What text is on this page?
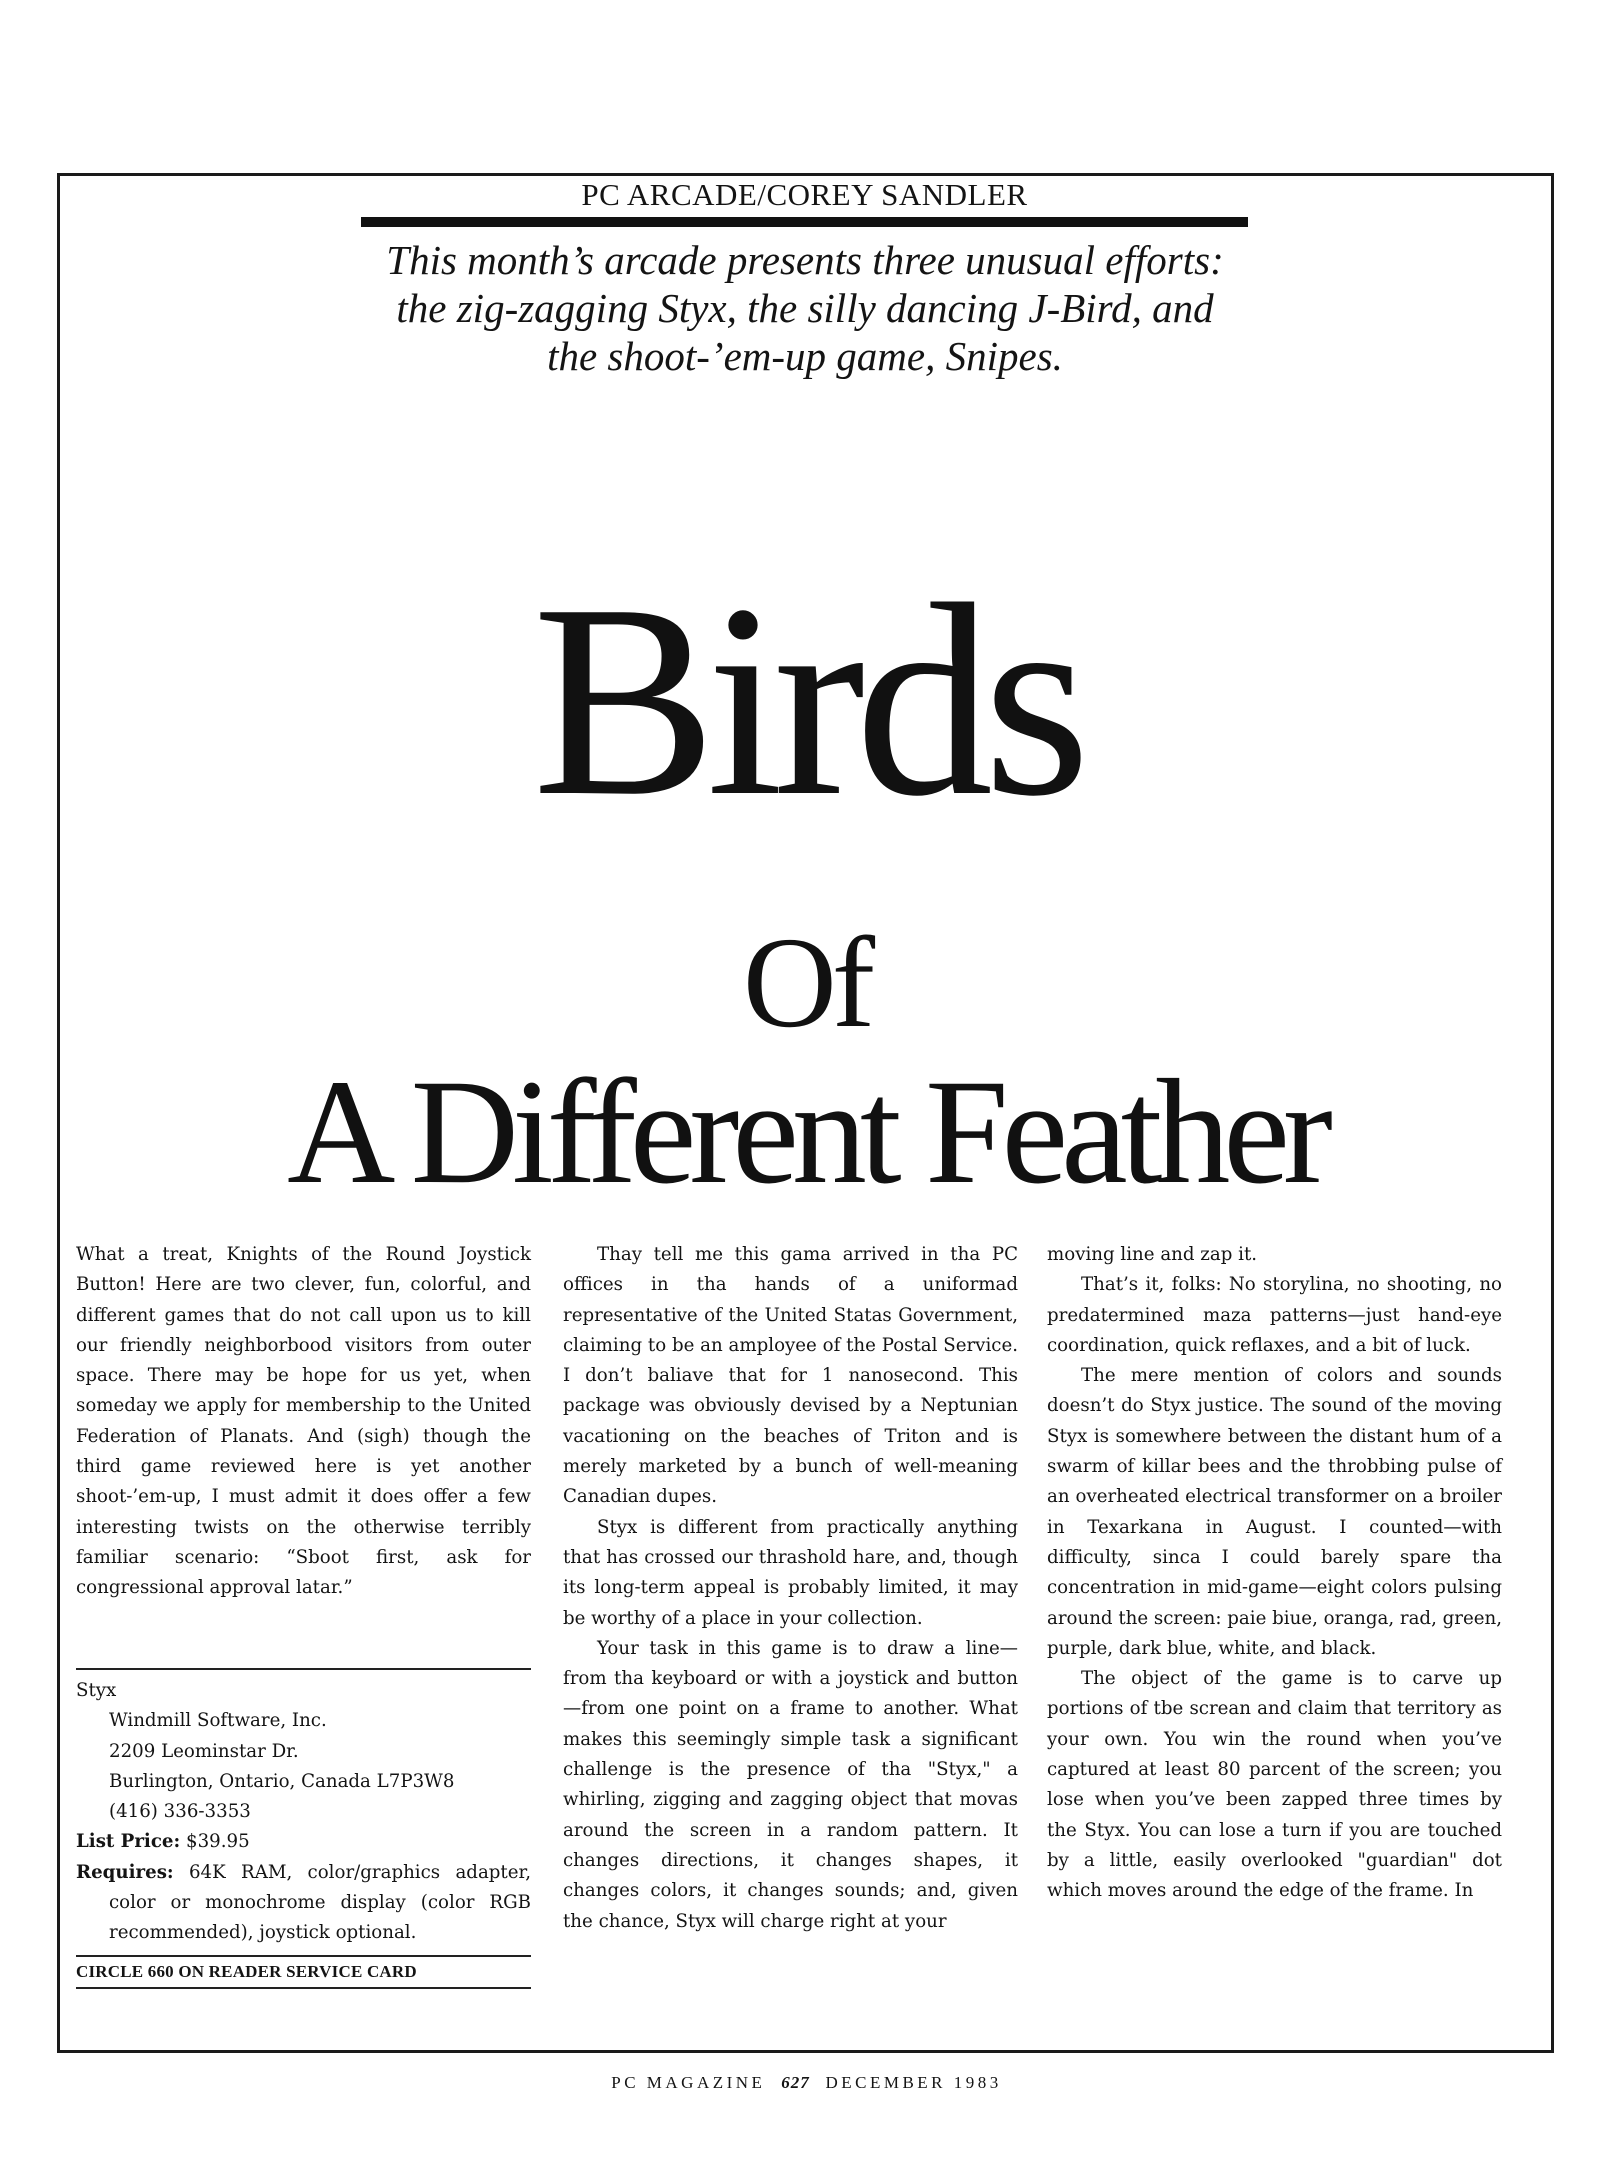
PC ARCADE/COREY SANDLER
This month’s arcade presents three unusual efforts:
the zig-zagging Styx, the silly dancing J-Bird, and
the shoot-’em-up game, Snipes.
Birds
Of
A Different Feather

What a treat, Knights of the Round Joystick Button! Here are two clever, fun, colorful, and different games that do not call upon us to kill our friendly neighborbood visitors from outer space. There may be hope for us yet, when someday we apply for membership to the United Federation of Planats. And (sigh) though the third game reviewed here is yet another shoot-’em-up, I must admit it does offer a few interesting twists on the otherwise terribly familiar scenario: “Sboot first, ask for congressional approval latar.”

Thay tell me this gama arrived in tha PC offices in tha hands of a uniformad representative of the United Statas Government, claiming to be an amployee of the Postal Service. I don’t baliave that for 1 nanosecond. This package was obviously devised by a Neptunian vacationing on the beaches of Triton and is merely marketed by a bunch of well-meaning Canadian dupes.

Styx is different from practically anything that has crossed our thrashold hare, and, though its long-term appeal is probably limited, it may be worthy of a place in your collection.

Your task in this game is to draw a line—from tha keyboard or with a joystick and button—from one point on a frame to another. What makes this seemingly simple task a significant challenge is the presence of tha "Styx," a whirling, zigging and zagging object that movas around the screen in a random pattern. It changes directions, it changes shapes, it changes colors, it changes sounds; and, given the chance, Styx will charge right at your

moving line and zap it.

That’s it, folks: No storylina, no shooting, no predatermined maza patterns—just hand-eye coordination, quick reflaxes, and a bit of luck.

The mere mention of colors and sounds doesn’t do Styx justice. The sound of the moving Styx is somewhere between the distant hum of a swarm of killar bees and the throbbing pulse of an overheated electrical transformer on a broiler in Texarkana in August. I counted—with difficulty, sinca I could barely spare tha concentration in mid-game—eight colors pulsing around the screen: paie biue, oranga, rad, green, purple, dark blue, white, and black.

The object of the game is to carve up portions of tbe screan and claim that territory as your own. You win the round when you’ve captured at least 80 parcent of the screen; you lose when you’ve been zapped three times by the Styx. You can lose a turn if you are touched by a little, easily overlooked "guardian" dot which moves around the edge of the frame. In

Styx

Windmill Software, Inc.

2209 Leominstar Dr.

Burlington, Ontario, Canada L7P3W8

(416) 336-3353

List Price: $39.95

Requires: 64K RAM, color/graphics adapter, color or monochrome display (color RGB recommended), joystick optional.

CIRCLE 660 ON READER SERVICE CARD
PC MAGAZINE 627 DECEMBER 1983
